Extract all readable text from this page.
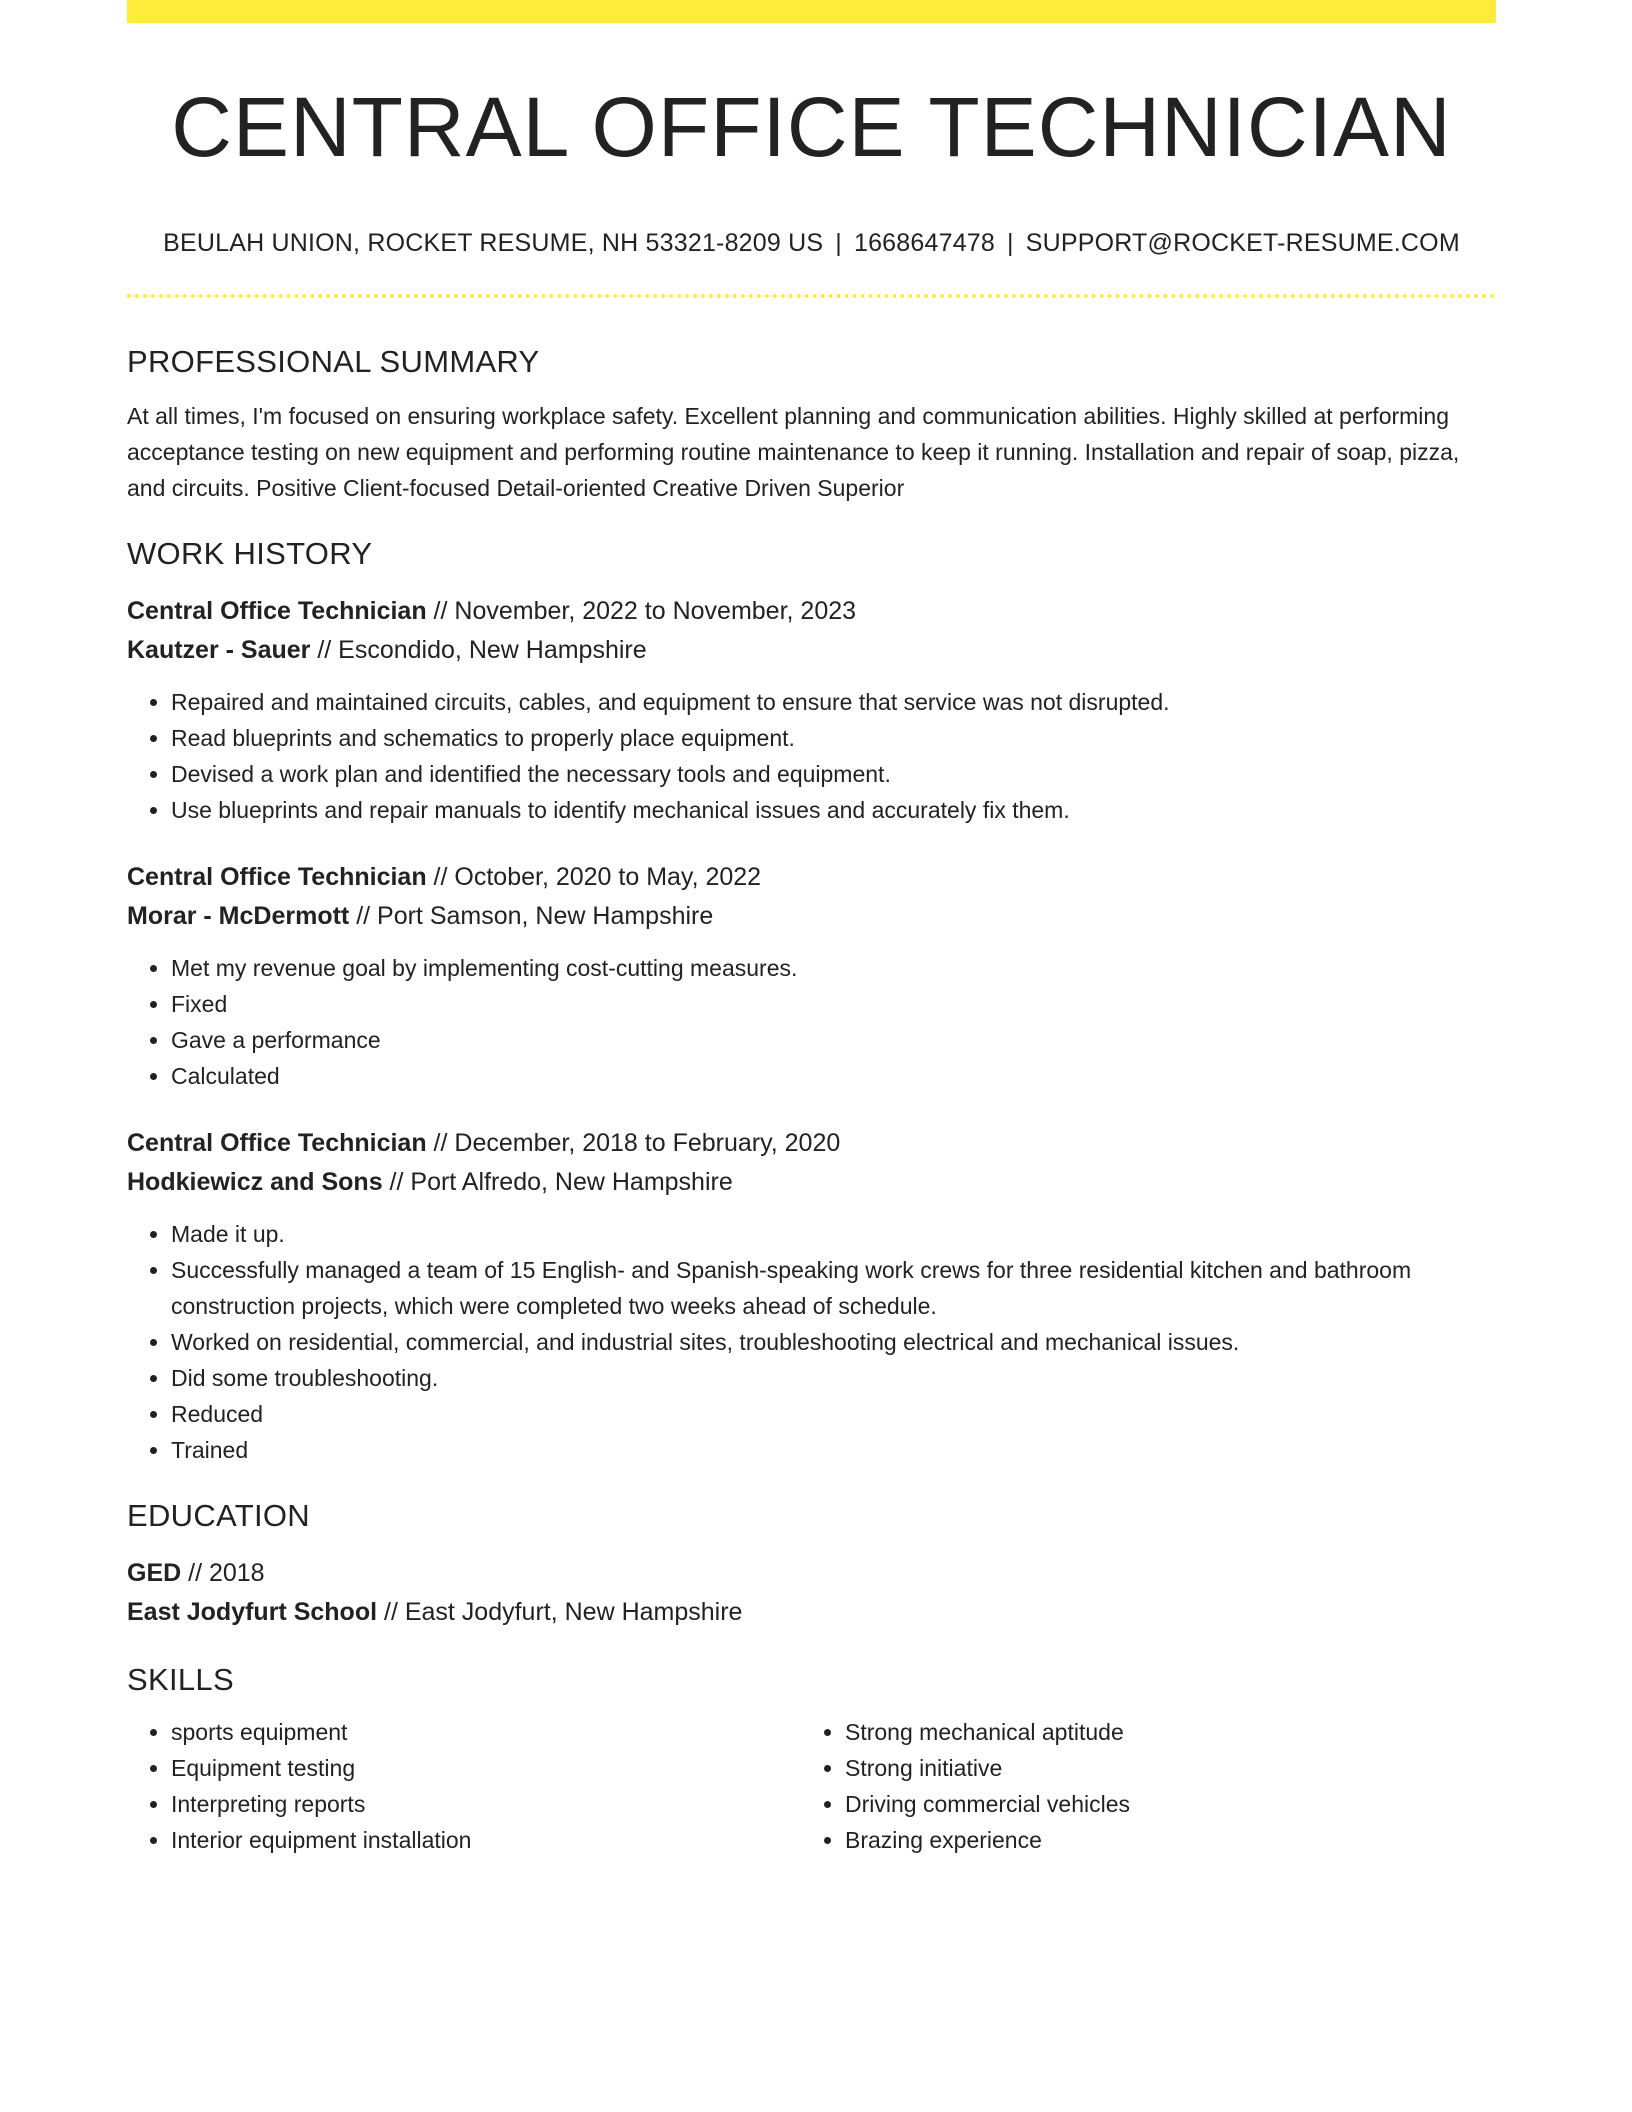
CENTRAL OFFICE TECHNICIAN
BEULAH UNION, ROCKET RESUME, NH 53321-8209 US | 1668647478 | SUPPORT@ROCKET-RESUME.COM
PROFESSIONAL SUMMARY
At all times, I'm focused on ensuring workplace safety. Excellent planning and communication abilities. Highly skilled at performing acceptance testing on new equipment and performing routine maintenance to keep it running. Installation and repair of soap, pizza, and circuits. Positive Client-focused Detail-oriented Creative Driven Superior
WORK HISTORY
Central Office Technician // November, 2022 to November, 2023
Kautzer - Sauer // Escondido, New Hampshire
• Repaired and maintained circuits, cables, and equipment to ensure that service was not disrupted.
• Read blueprints and schematics to properly place equipment.
• Devised a work plan and identified the necessary tools and equipment.
• Use blueprints and repair manuals to identify mechanical issues and accurately fix them.
Central Office Technician // October, 2020 to May, 2022
Morar - McDermott // Port Samson, New Hampshire
• Met my revenue goal by implementing cost-cutting measures.
• Fixed
• Gave a performance
• Calculated
Central Office Technician // December, 2018 to February, 2020
Hodkiewicz and Sons // Port Alfredo, New Hampshire
• Made it up.
• Successfully managed a team of 15 English- and Spanish-speaking work crews for three residential kitchen and bathroom construction projects, which were completed two weeks ahead of schedule.
• Worked on residential, commercial, and industrial sites, troubleshooting electrical and mechanical issues.
• Did some troubleshooting.
• Reduced
• Trained
EDUCATION
GED // 2018
East Jodyfurt School // East Jodyfurt, New Hampshire
SKILLS
• sports equipment
• Equipment testing
• Interpreting reports
• Interior equipment installation
• Strong mechanical aptitude
• Strong initiative
• Driving commercial vehicles
• Brazing experience
